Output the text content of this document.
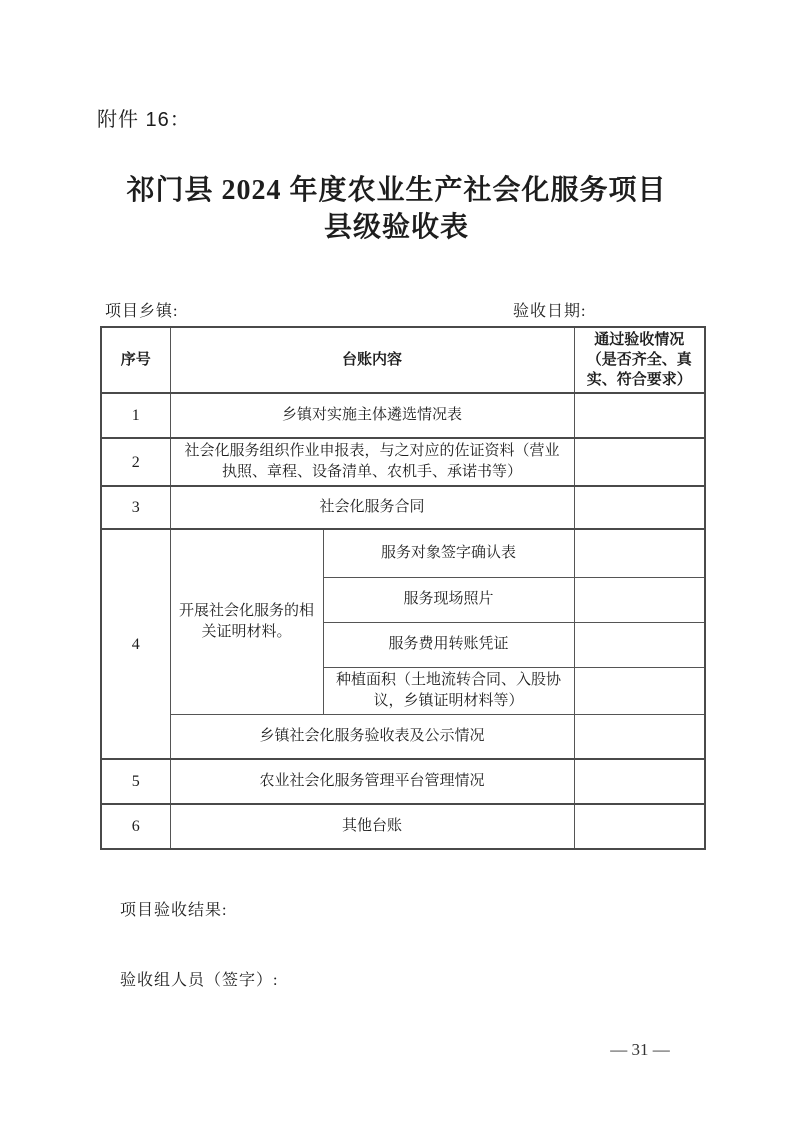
附件 16：
祁门县 2024 年度农业生产社会化服务项目
县级验收表
项目乡镇:	验收日期:
序号	台账内容		通过验收情况（是否齐全、真实、符合要求）
1	乡镇对实施主体遴选情况表		
2	社会化服务组织作业申报表，与之对应的佐证资料（营业执照、章程、设备清单、农机手、承诺书等）		
3	社会化服务合同		
4	开展社会化服务的相关证明材料。	服务对象签字确认表	
		服务现场照片	
		服务费用转账凭证	
		种植面积（土地流转合同、入股协议，乡镇证明材料等）	
	乡镇社会化服务验收表及公示情况		
5	农业社会化服务管理平台管理情况		
6	其他台账		
项目验收结果:
验收组人员（签字）:
— 31 —
